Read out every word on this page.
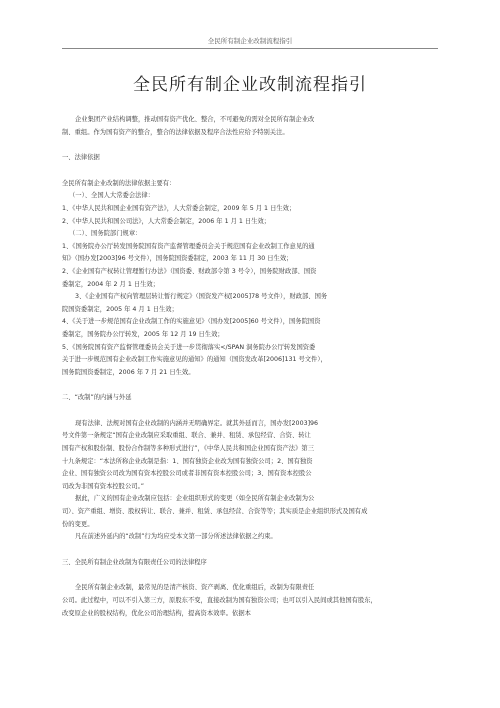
全民所有制企业改制流程指引
全民所有制企业改制流程指引

企业集团产业结构调整，推动国有资产优化、整合，不可避免的需对全民所有制企业改

制、重组。作为国有资产的整合，整合的法律依据及程序合法性应给予特别关注。

一、法律依据

全民所有制企业改制的法律依据主要有：

（一）、全国人大常委会法律：

1、《中华人民共和国企业国有资产法》，人大常委会制定，2009 年 5 月 1 日生效；

2、《中华人民共和国公司法》，人大常委会制定，2006 年 1 月 1 日生效；

（二）、国务院部门规章：

1、《国务院办公厅转发国务院国有资产监督管理委员会关于规范国有企业改制工作意见的通

知》（国办发[2003]96 号文件），国务院国资委制定，2003 年 11 月 30 日生效；

2、《企业国有产权转让管理暂行办法》（国资委、财政部令第 3 号令），国务院财政部、国资

委制定，2004 年 2 月 1 日生效；

3、《企业国有产权向管理层转让暂行规定》（国资发产权[2005]78 号文件），财政部、国务

院国资委制定，2005 年 4 月 1 日生效；

4、《关于进一步规范国有企业改制工作的实施意见》（国办发[2005]60 号文件），国务院国资

委制定，国务院办公厅转发，2005 年 12 月 19 日生效；

5、《国务院国有资产监督管理委员会关于进一步贯彻落实</SPAN 洞务院办公厅转发国资委

关于进一步规范国有企业改制工作实施意见的通知》的通知（国资发改革[2006]131 号文件），

国务院国资委制定，2006 年 7 月 21 日生效。

二、“改制”的内涵与外延

现有法律、法规对国有企业改制的内涵并无明确界定。就其外延而言，国办发[2003]96

号文件第一条规定“国有企业改制应采取重组、联合、兼并、租赁、承包经营、合资、转让

国有产权和股份制、股份合作制等多种形式进行”，《中华人民共和国企业国有资产法》第三

十九条规定：“本法所称企业改制是指：1、国有独资企业改为国有独资公司；2、国有独资

企业、国有独资公司改为国有资本控股公司或者非国有资本控股公司；3、国有资本控股公

司改为非国有资本控股公司。”

据此，广义的国有企业改制应包括：企业组织形式的变更（如全民所有制企业改制为公

司）、资产重组、增资、股权转让、联合、兼并、租赁、承包经营、合资等等；其实质是企业组织形式及国有成

份的变更。

凡在前述外延内的“改制”行为均应受本文第一部分所述法律依据之约束。

三、全民所有制企业改制为有限责任公司的法律程序

全民所有制企业改制，最常见的是清产核资、资产剥离、优化重组后，改制为有限责任

公司。此过程中，可以不引入第三方，原股东不变，直接改制为国有独资公司；也可以引入民间或其他国有股东，

改变原企业的股权结构，优化公司治理结构，提高资本效率。依据本
